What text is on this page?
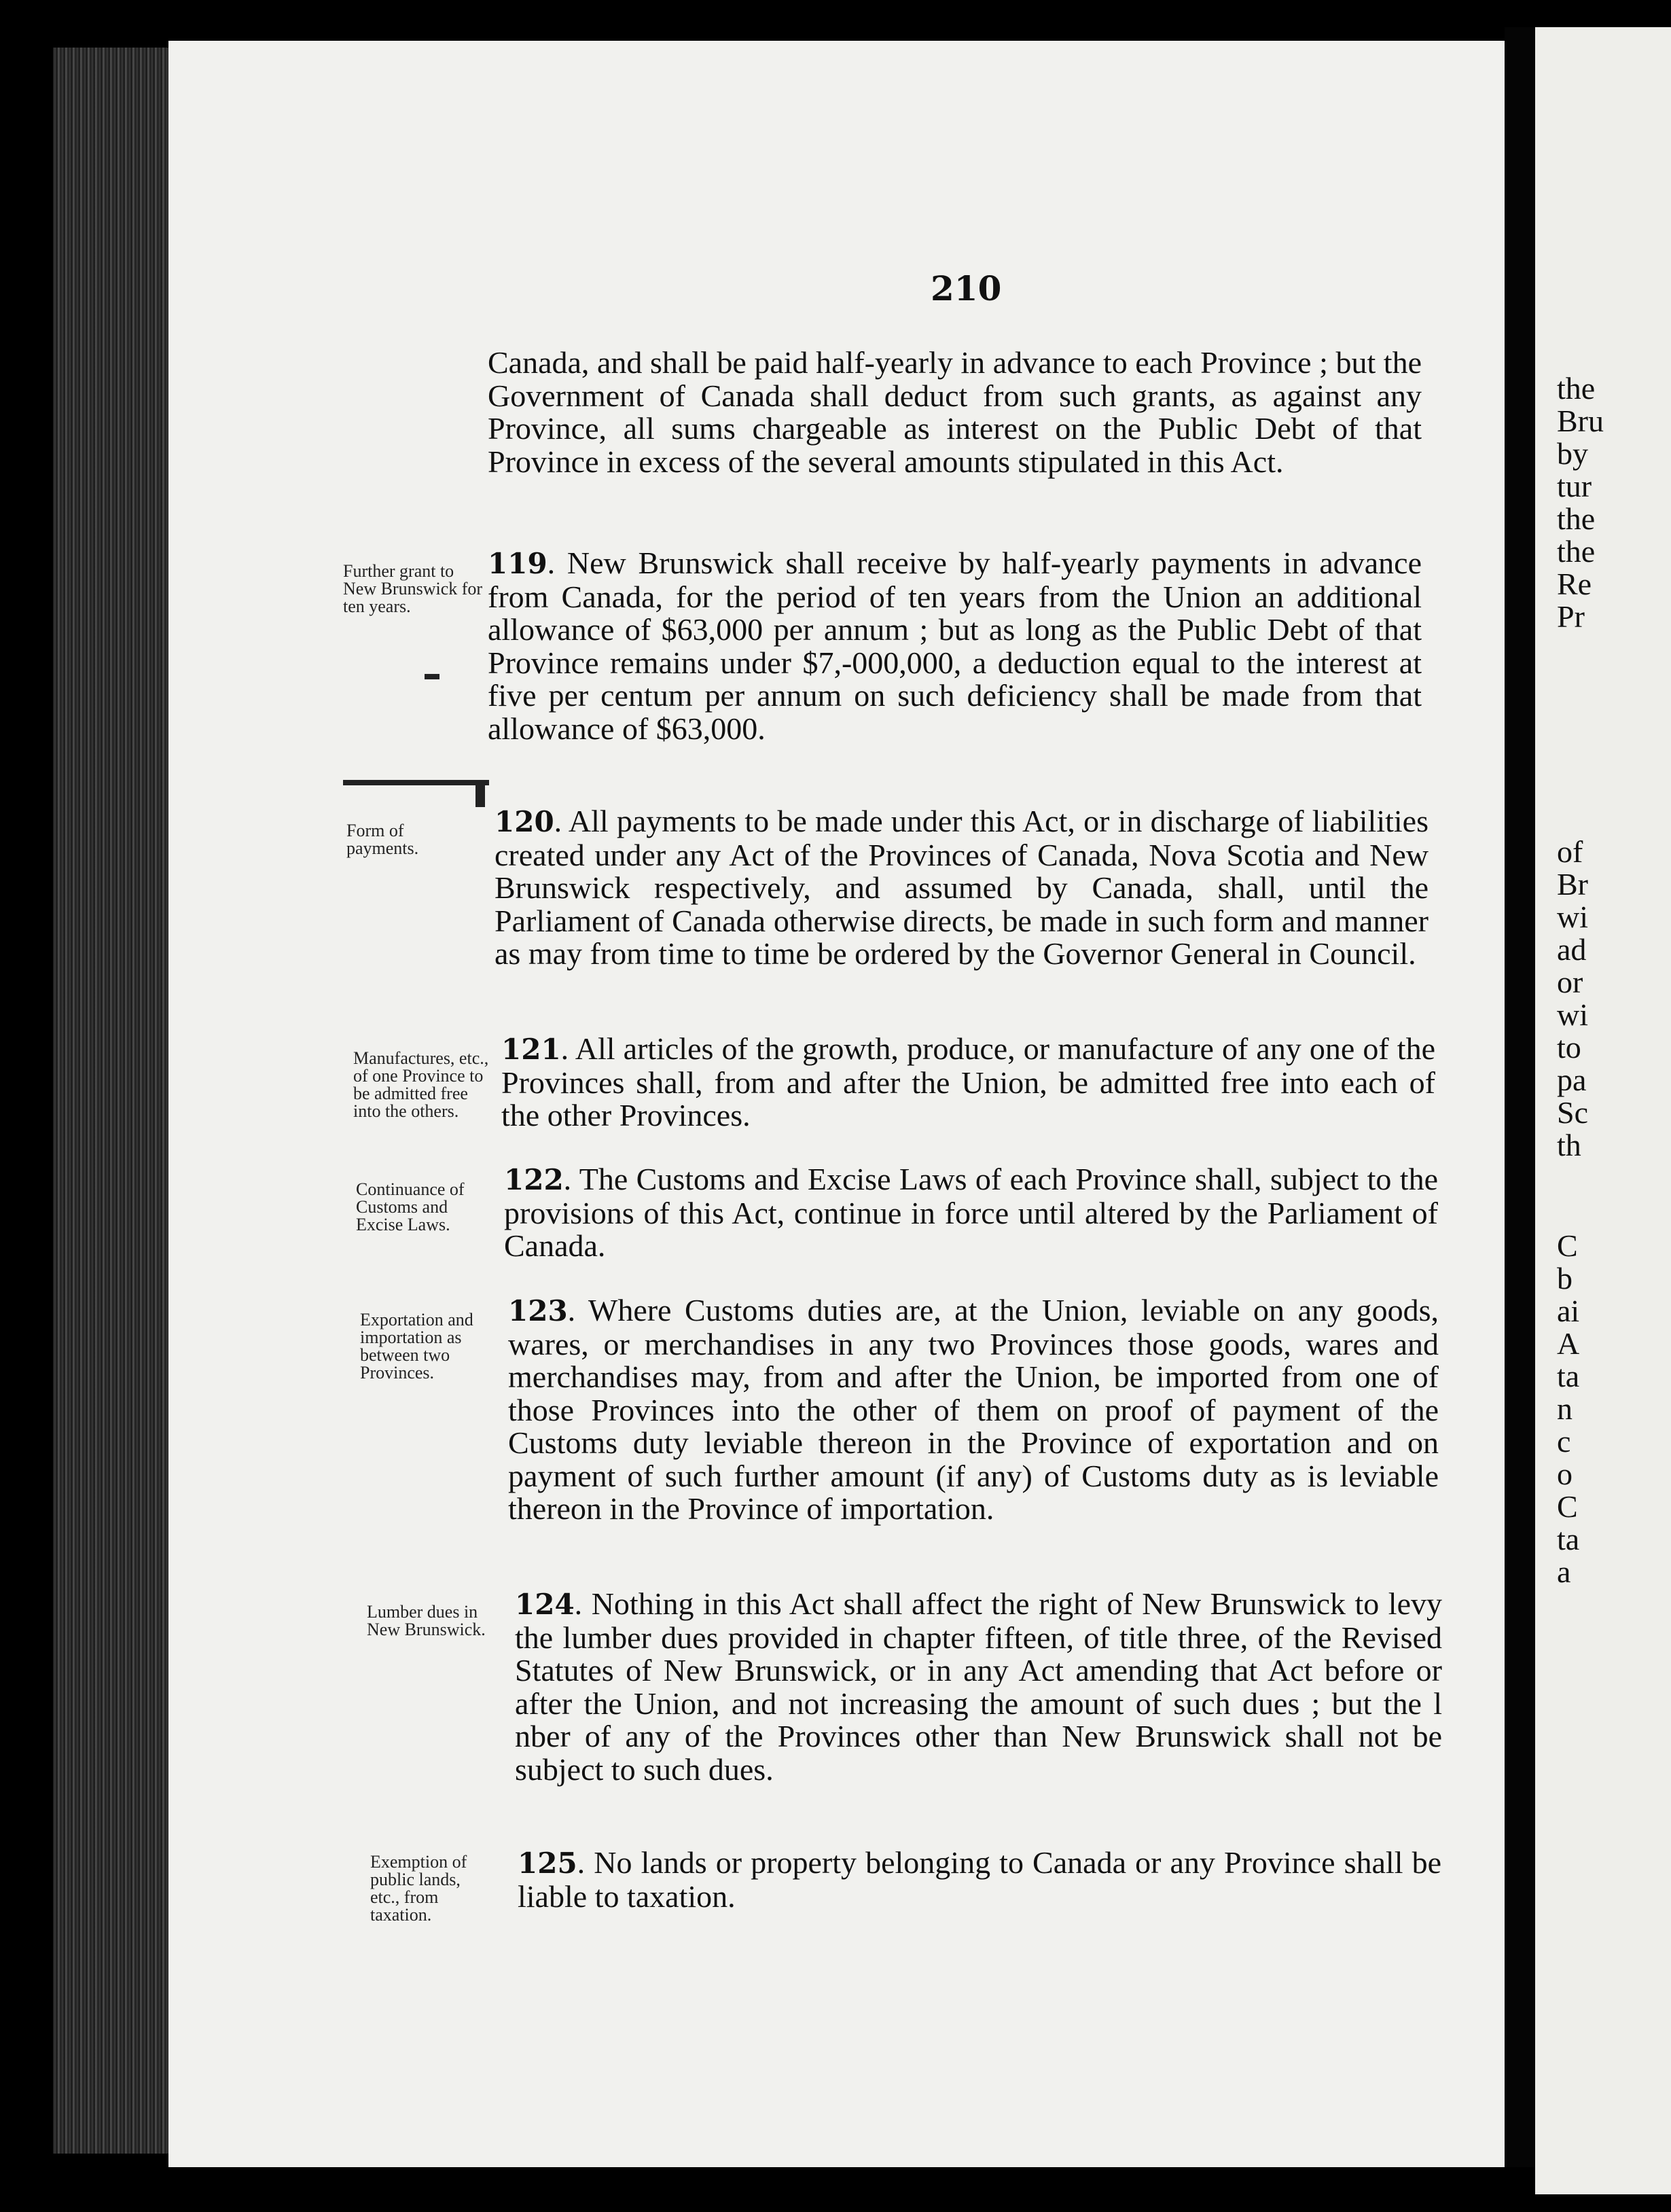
210

Canada, and shall be paid half-yearly in advance to each Province ; but the Government of Canada shall deduct from such grants, as against any Province, all sums chargeable as interest on the Public Debt of that Province in excess of the several amounts stipulated in this Act.

Further grant to New Brunswick for ten years.

119. New Brunswick shall receive by half-yearly payments in advance from Canada, for the period of ten years from the Union an additional allowance of $63,000 per annum ; but as long as the Public Debt of that Province remains under $7,-000,000, a deduction equal to the interest at five per centum per annum on such deficiency shall be made from that allowance of $63,000.

Form of payments.

120. All payments to be made under this Act, or in discharge of liabilities created under any Act of the Provinces of Canada, Nova Scotia and New Brunswick respectively, and assumed by Canada, shall, until the Parliament of Canada otherwise directs, be made in such form and manner as may from time to time be ordered by the Governor General in Council.

Manufactures, etc., of one Province to be admitted free into the others.

121. All articles of the growth, produce, or manufacture of any one of the Provinces shall, from and after the Union, be admitted free into each of the other Provinces.

Continuance of Customs and Excise Laws.

122. The Customs and Excise Laws of each Province shall, subject to the provisions of this Act, continue in force until altered by the Parliament of Canada.

Exportation and importation as between two Provinces.

123. Where Customs duties are, at the Union, leviable on any goods, wares, or merchandises in any two Provinces those goods, wares and merchandises may, from and after the Union, be imported from one of those Provinces into the other of them on proof of payment of the Customs duty leviable thereon in the Province of exportation and on payment of such further amount (if any) of Customs duty as is leviable thereon in the Province of importation.

Lumber dues in New Brunswick.

124. Nothing in this Act shall affect the right of New Brunswick to levy the lumber dues provided in chapter fifteen, of title three, of the Revised Statutes of New Brunswick, or in any Act amending that Act before or after the Union, and not increasing the amount of such dues ; but the l nber of any of the Provinces other than New Brunswick shall not be subject to such dues.

Exemption of public lands, etc., from taxation.

125. No lands or property belonging to Canada or any Province shall be liable to taxation.

the
Bru
by
tur
the
the
Re
Pr
of
Br
wi
ad
or
wi
to
pa
Sc
th
C
b
ai
A
ta
n
c
o
C
ta
a
